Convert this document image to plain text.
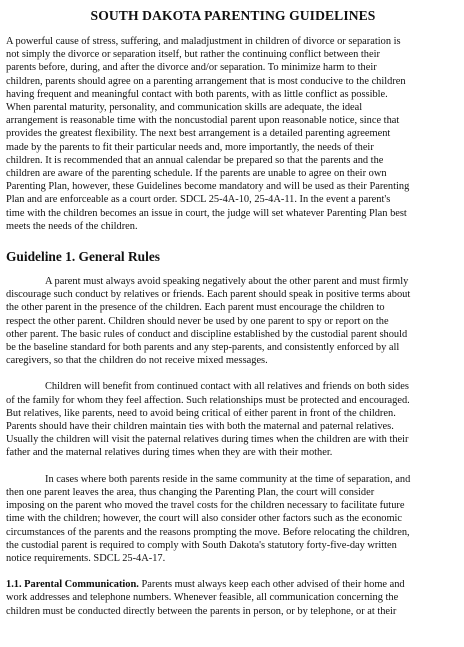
SOUTH DAKOTA PARENTING GUIDELINES
A powerful cause of stress, suffering, and maladjustment in children of divorce or separation is
not simply the divorce or separation itself, but rather the continuing conflict between their
parents before, during, and after the divorce and/or separation. To minimize harm to their
children, parents should agree on a parenting arrangement that is most conducive to the children
having frequent and meaningful contact with both parents, with as little conflict as possible.
When parental maturity, personality, and communication skills are adequate, the ideal
arrangement is reasonable time with the noncustodial parent upon reasonable notice, since that
provides the greatest flexibility. The next best arrangement is a detailed parenting agreement
made by the parents to fit their particular needs and, more importantly, the needs of their
children. It is recommended that an annual calendar be prepared so that the parents and the
children are aware of the parenting schedule. If the parents are unable to agree on their own
Parenting Plan, however, these Guidelines become mandatory and will be used as their Parenting
Plan and are enforceable as a court order. SDCL 25-4A-10, 25-4A-11. In the event a parent's
time with the children becomes an issue in court, the judge will set whatever Parenting Plan best
meets the needs of the children.
Guideline 1. General Rules
A parent must always avoid speaking negatively about the other parent and must firmly
discourage such conduct by relatives or friends. Each parent should speak in positive terms about
the other parent in the presence of the children. Each parent must encourage the children to
respect the other parent. Children should never be used by one parent to spy or report on the
other parent. The basic rules of conduct and discipline established by the custodial parent should
be the baseline standard for both parents and any step-parents, and consistently enforced by all
caregivers, so that the children do not receive mixed messages.
Children will benefit from continued contact with all relatives and friends on both sides
of the family for whom they feel affection. Such relationships must be protected and encouraged.
But relatives, like parents, need to avoid being critical of either parent in front of the children.
Parents should have their children maintain ties with both the maternal and paternal relatives.
Usually the children will visit the paternal relatives during times when the children are with their
father and the maternal relatives during times when they are with their mother.
In cases where both parents reside in the same community at the time of separation, and
then one parent leaves the area, thus changing the Parenting Plan, the court will consider
imposing on the parent who moved the travel costs for the children necessary to facilitate future
time with the children; however, the court will also consider other factors such as the economic
circumstances of the parents and the reasons prompting the move. Before relocating the children,
the custodial parent is required to comply with South Dakota's statutory forty-five-day written
notice requirements. SDCL 25-4A-17.
1.1. Parental Communication. Parents must always keep each other advised of their home and
work addresses and telephone numbers. Whenever feasible, all communication concerning the
children must be conducted directly between the parents in person, or by telephone, or at their
